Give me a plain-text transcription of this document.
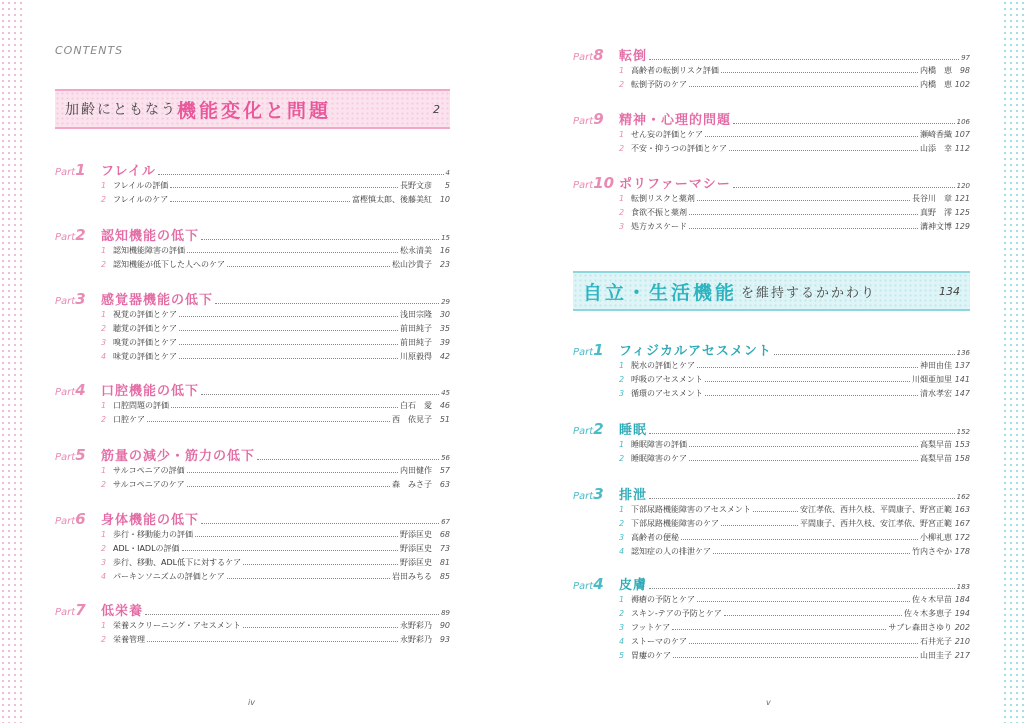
CONTENTS
加齢にともなう 機能変化と問題	2
Part1	フレイル	4
1 フレイルの評価	長野文彦	5
2 フレイルのケア	富樫慎太郎、後藤美紅 10
Part2	認知機能の低下	15
1 認知機能障害の評価	松永清美 16
2 認知機能が低下した人へのケア	松山沙貴子 23
Part3	感覚器機能の低下	29
1 視覚の評価とケア	浅田宗隆 30
2 聴覚の評価とケア	前田純子 35
3 嗅覚の評価とケア	前田純子 39
4 味覚の評価とケア	川原毅得 42
Part4	口腔機能の低下	45
1 口腔問題の評価	白石　愛 46
2 口腔ケア	西　依見子 51
Part5	筋量の減少・筋力の低下	56
1 サルコペニアの評価	内田健作 57
2 サルコペニアのケア	森　みさ子 63
Part6	身体機能の低下	67
1 歩行・移動能力の評価	野添匡史 68
2 ADL・IADLの評価	野添匡史 73
3 歩行、移動、ADL低下に対するケア	野添匡史 81
4 パーキンソニズムの評価とケア	岩田みちる 85
Part7	低栄養	89
1 栄養スクリーニング・アセスメント	永野彩乃 90
2 栄養管理	永野彩乃 93
iv
Part8	転倒	97
1 高齢者の転倒リスク評価	内橋　恵 98
2 転倒予防のケア	内橋　恵 102
Part9	精神・心理的問題	106
1 せん妄の評価とケア	瀬崎香織 107
2 不安・抑うつの評価とケア	山添　幸 112
Part10 ポリファーマシー	120
1 転倒リスクと薬剤	長谷川　章 121
2 食欲不振と薬剤	真野　澪 125
3 処方カスケード	溝神文博 129
自立・生活機能 を維持するかかわり	134
Part1	フィジカルアセスメント	136
1 脱水の評価とケア	神田由佳 137
2 呼吸のアセスメント	川畑亜加里 141
3 循環のアセスメント	清水孝宏 147
Part2	睡眠	152
1 睡眠障害の評価	高梨早苗 153
2 睡眠障害のケア	高梨早苗 158
Part3	排泄	162
1 下部尿路機能障害のアセスメント	安江孝依、西井久枝、平間康子、野宮正範 163
2 下部尿路機能障害のケア	平間康子、西井久枝、安江孝依、野宮正範 167
3 高齢者の便秘	小柳礼恵 172
4 認知症の人の排泄ケア	竹内さやか 178
Part4	皮膚	183
1 褥瘡の予防とケア	佐々木早苗 184
2 スキン-テアの予防とケア	佐々木多恵子 194
3 フットケア	サブレ森田さゆり 202
4 ストーマのケア	石井光子 210
5 胃瘻のケア	山田圭子 217
v
